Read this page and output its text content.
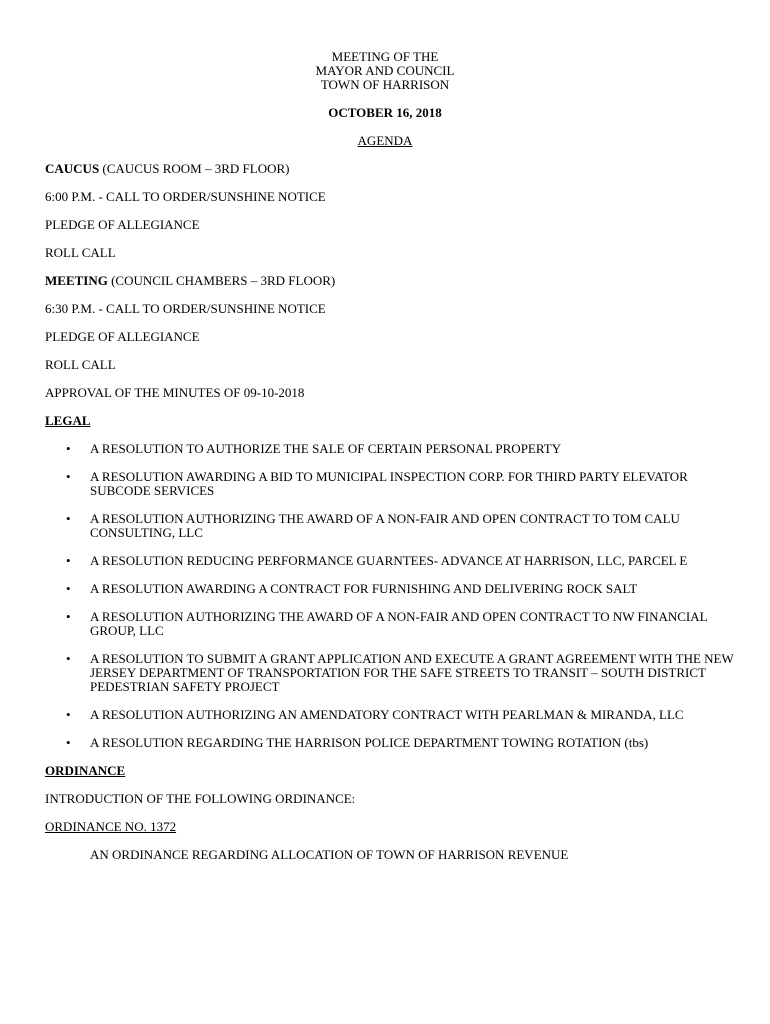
MEETING OF THE
MAYOR AND COUNCIL
TOWN OF HARRISON
OCTOBER 16, 2018
AGENDA

CAUCUS (CAUCUS ROOM – 3RD FLOOR)

6:00 P.M. - CALL TO ORDER/SUNSHINE NOTICE

PLEDGE OF ALLEGIANCE

ROLL CALL

MEETING (COUNCIL CHAMBERS – 3RD FLOOR)

6:30 P.M. - CALL TO ORDER/SUNSHINE NOTICE

PLEDGE OF ALLEGIANCE

ROLL CALL

APPROVAL OF THE MINUTES OF 09-10-2018

LEGAL

• A RESOLUTION TO AUTHORIZE THE SALE OF CERTAIN PERSONAL PROPERTY
• A RESOLUTION AWARDING A BID TO MUNICIPAL INSPECTION CORP. FOR THIRD PARTY ELEVATOR SUBCODE SERVICES
• A RESOLUTION AUTHORIZING THE AWARD OF A NON-FAIR AND OPEN CONTRACT TO TOM CALU CONSULTING, LLC
• A RESOLUTION REDUCING PERFORMANCE GUARNTEES- ADVANCE AT HARRISON, LLC, PARCEL E
• A RESOLUTION AWARDING A CONTRACT FOR FURNISHING AND DELIVERING ROCK SALT
• A RESOLUTION AUTHORIZING THE AWARD OF A NON-FAIR AND OPEN CONTRACT TO NW FINANCIAL GROUP, LLC
• A RESOLUTION TO SUBMIT A GRANT APPLICATION AND EXECUTE A GRANT AGREEMENT WITH THE NEW JERSEY DEPARTMENT OF TRANSPORTATION FOR THE SAFE STREETS TO TRANSIT – SOUTH DISTRICT PEDESTRIAN SAFETY PROJECT
• A RESOLUTION AUTHORIZING AN AMENDATORY CONTRACT WITH PEARLMAN & MIRANDA, LLC
• A RESOLUTION REGARDING THE HARRISON POLICE DEPARTMENT TOWING ROTATION (tbs)

ORDINANCE

INTRODUCTION OF THE FOLLOWING ORDINANCE:

ORDINANCE NO. 1372

AN ORDINANCE REGARDING ALLOCATION OF TOWN OF HARRISON REVENUE
